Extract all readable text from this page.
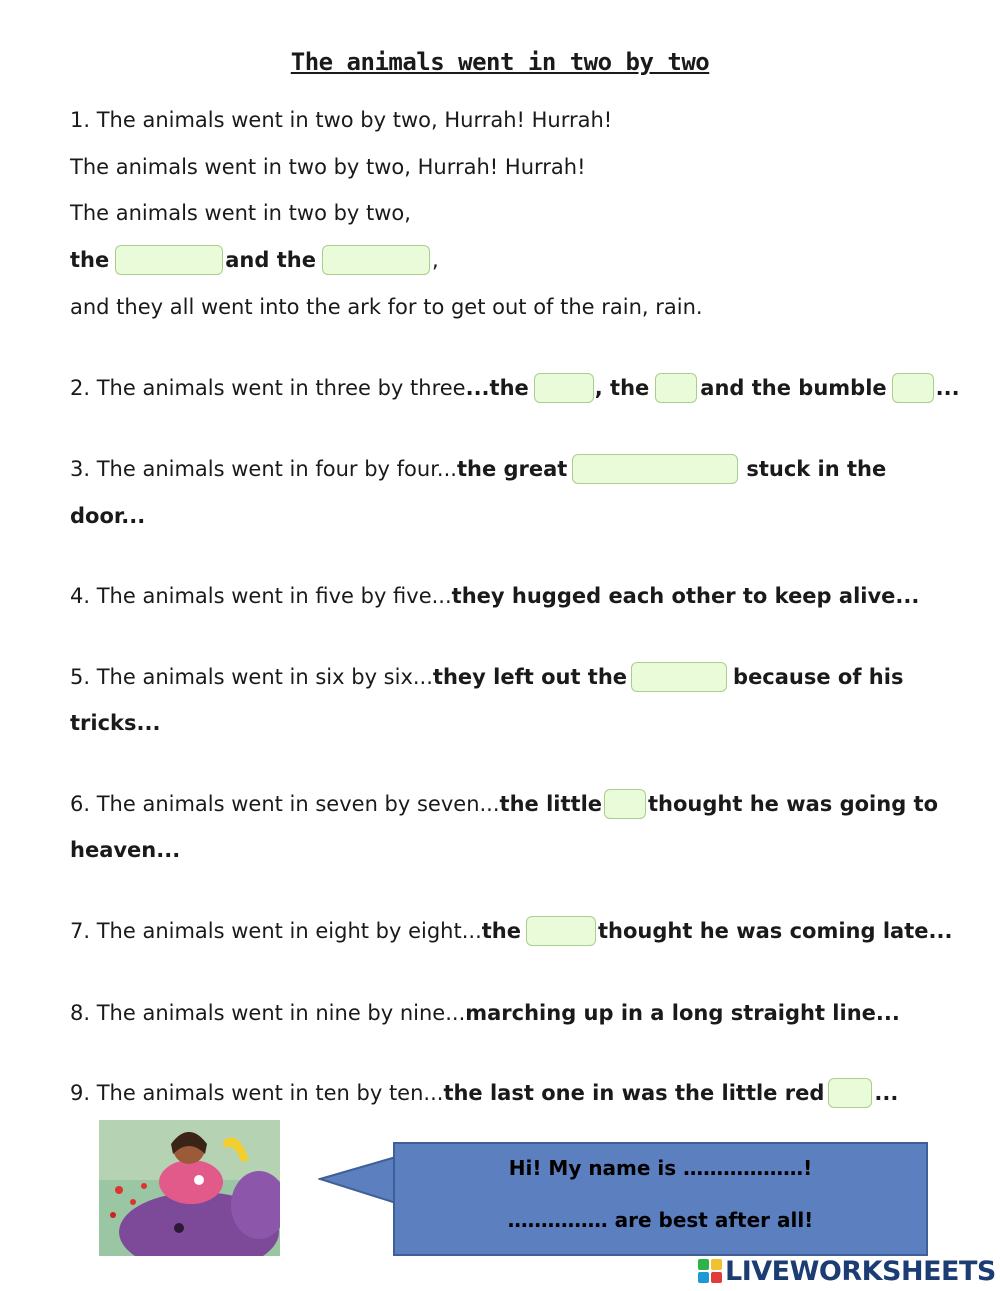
The animals went in two by two
1. The animals went in two by two, Hurrah! Hurrah!
The animals went in two by two, Hurrah! Hurrah!
The animals went in two by two,
the	and the	,
and they all went into the ark for to get out of the rain, rain.
2. The animals went in three by three ...the	, the and the bumble ...
3. The animals went in four by four... the great	stuck in the
door...
4. The animals went in five by five... they hugged each other to keep alive...
5. The animals went in six by six... they left out the	because of his
tricks...
6. The animals went in seven by seven... the little thought he was going to
heaven...
7. The animals went in eight by eight... the	thought he was coming late...
8. The animals went in nine by nine... marching up in a long straight line...
9. The animals went in ten by ten... the last one in was the little red ...
Hi! My name is ………………!
…………… are best after all!
LIVEWORKSHEETS
